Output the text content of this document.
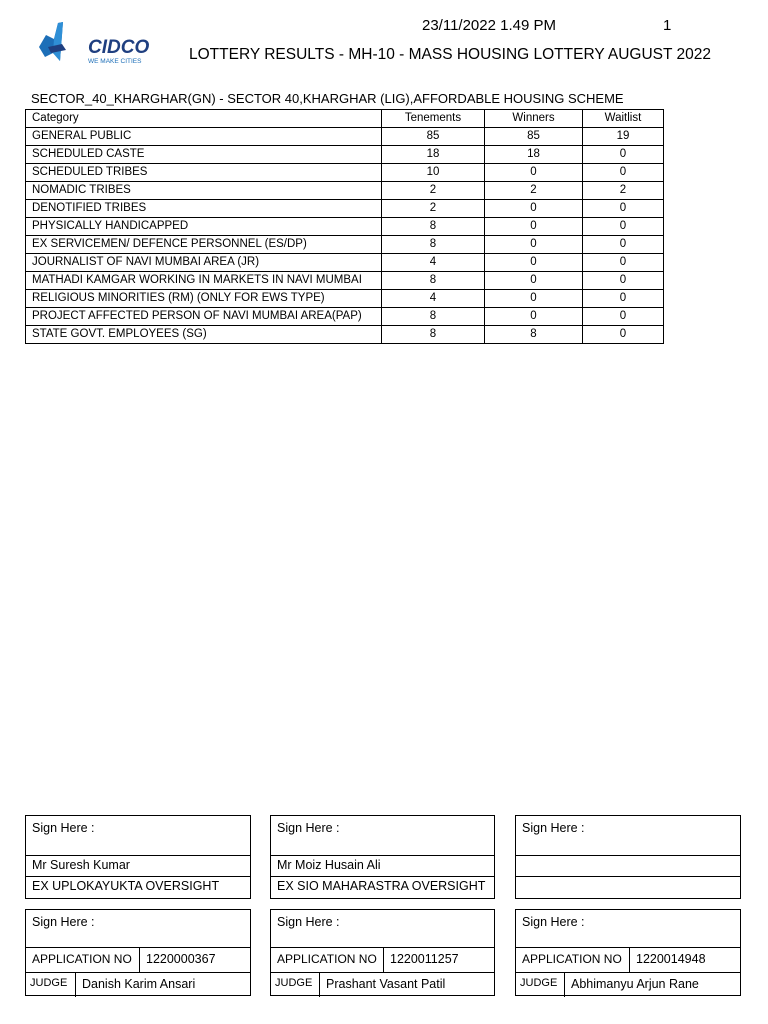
CIDCO
WE MAKE CITIES
23/11/2022 1.49 PM	1
LOTTERY RESULTS - MH-10 - MASS HOUSING LOTTERY AUGUST 2022
SECTOR_40_KHARGHAR(GN) - SECTOR 40,KHARGHAR (LIG),AFFORDABLE HOUSING SCHEME
Category	Tenements	Winners	Waitlist
GENERAL PUBLIC	85	85	19
SCHEDULED CASTE	18	18	0
SCHEDULED TRIBES	10	0	0
NOMADIC TRIBES	2	2	2
DENOTIFIED TRIBES	2	0	0
PHYSICALLY HANDICAPPED	8	0	0
EX SERVICEMEN/ DEFENCE PERSONNEL (ES/DP)	8	0	0
JOURNALIST OF NAVI MUMBAI AREA (JR)	4	0	0
MATHADI KAMGAR WORKING IN MARKETS IN NAVI MUMBAI	8	0	0
RELIGIOUS MINORITIES (RM) (ONLY FOR EWS TYPE)	4	0	0
PROJECT AFFECTED PERSON OF NAVI MUMBAI AREA(PAP)	8	0	0
STATE GOVT. EMPLOYEES (SG)	8	8	0
Sign Here :
Mr Suresh Kumar
EX UPLOKAYUKTA OVERSIGHT
Sign Here :
Mr Moiz Husain Ali
EX SIO MAHARASTRA OVERSIGHT
Sign Here :
Sign Here :
APPLICATION NO	1220000367
JUDGE	Danish Karim Ansari
Sign Here :
APPLICATION NO	1220011257
JUDGE	Prashant Vasant Patil
Sign Here :
APPLICATION NO	1220014948
JUDGE	Abhimanyu Arjun Rane
